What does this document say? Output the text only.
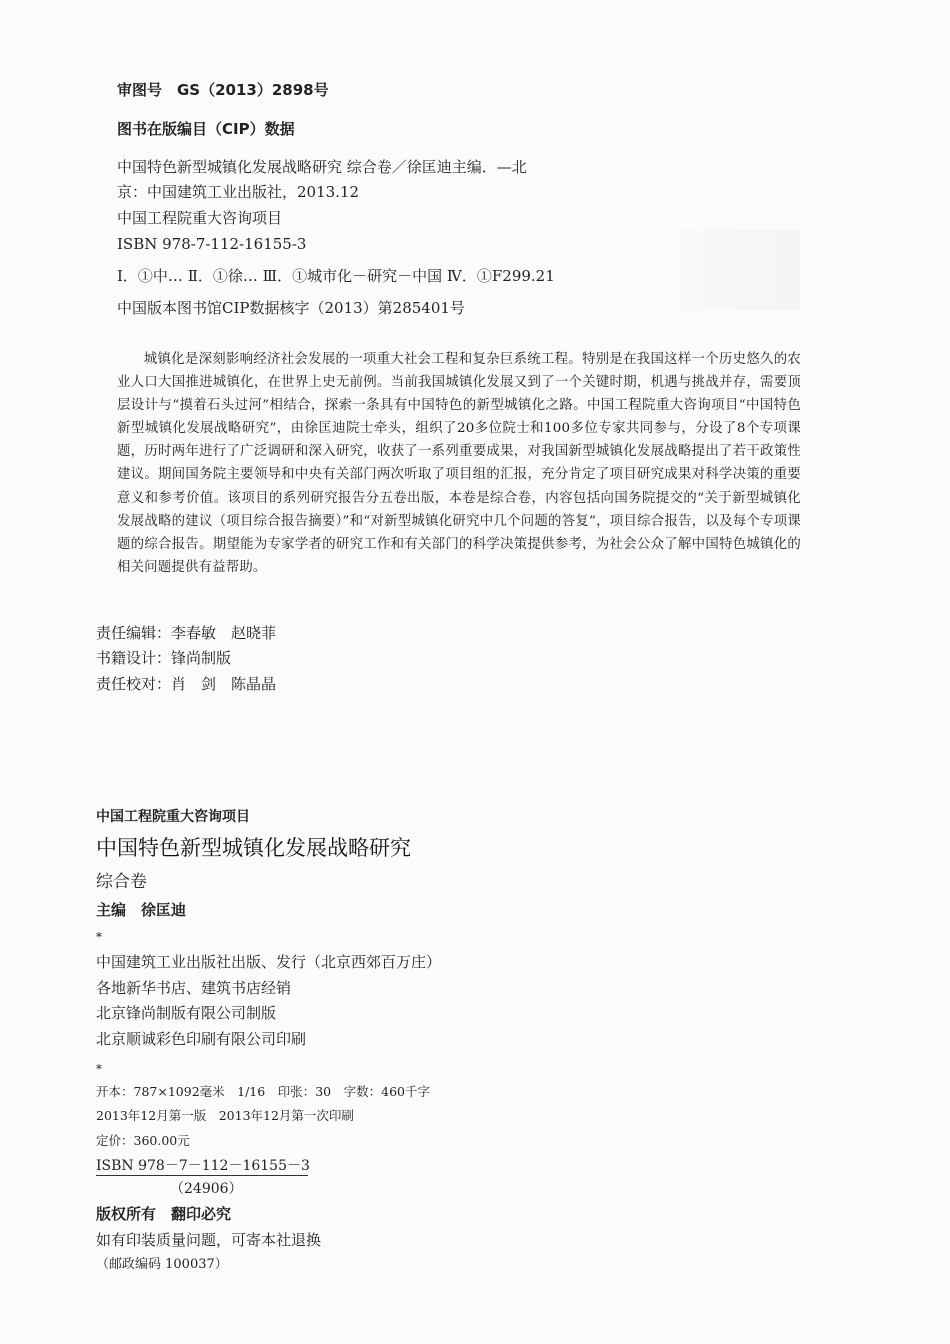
审图号　GS（2013）2898号
图书在版编目（CIP）数据
中国特色新型城镇化发展战略研究 综合卷／徐匡迪主编．—北
京：中国建筑工业出版社，2013.12
中国工程院重大咨询项目
ISBN 978-7-112-16155-3
Ⅰ．①中… Ⅱ．①徐… Ⅲ．①城市化－研究－中国 Ⅳ．①F299.21
中国版本图书馆CIP数据核字（2013）第285401号
城镇化是深刻影响经济社会发展的一项重大社会工程和复杂巨系统工程。特别是在我国这样一个历史悠久的农业人口大国推进城镇化，在世界上史无前例。当前我国城镇化发展又到了一个关键时期，机遇与挑战并存，需要顶层设计与“摸着石头过河”相结合，探索一条具有中国特色的新型城镇化之路。中国工程院重大咨询项目“中国特色新型城镇化发展战略研究”，由徐匡迪院士牵头，组织了20多位院士和100多位专家共同参与，分设了8个专项课题，历时两年进行了广泛调研和深入研究，收获了一系列重要成果，对我国新型城镇化发展战略提出了若干政策性建议。期间国务院主要领导和中央有关部门两次听取了项目组的汇报，充分肯定了项目研究成果对科学决策的重要意义和参考价值。该项目的系列研究报告分五卷出版，本卷是综合卷，内容包括向国务院提交的“关于新型城镇化发展战略的建议（项目综合报告摘要）”和“对新型城镇化研究中几个问题的答复”，项目综合报告，以及每个专项课题的综合报告。期望能为专家学者的研究工作和有关部门的科学决策提供参考，为社会公众了解中国特色城镇化的相关问题提供有益帮助。
责任编辑：李春敏　赵晓菲
书籍设计：锋尚制版
责任校对：肖　剑　陈晶晶
中国工程院重大咨询项目
中国特色新型城镇化发展战略研究
综合卷
主编　徐匡迪
*
中国建筑工业出版社出版、发行（北京西郊百万庄）
各地新华书店、建筑书店经销
北京锋尚制版有限公司制版
北京顺诚彩色印刷有限公司印刷
*
开本：787×1092毫米　1/16　印张：30　字数：460千字
2013年12月第一版　2013年12月第一次印刷
定价：360.00元
ISBN 978－7－112－16155－3
（24906）
版权所有　翻印必究
如有印装质量问题，可寄本社退换
（邮政编码 100037）
